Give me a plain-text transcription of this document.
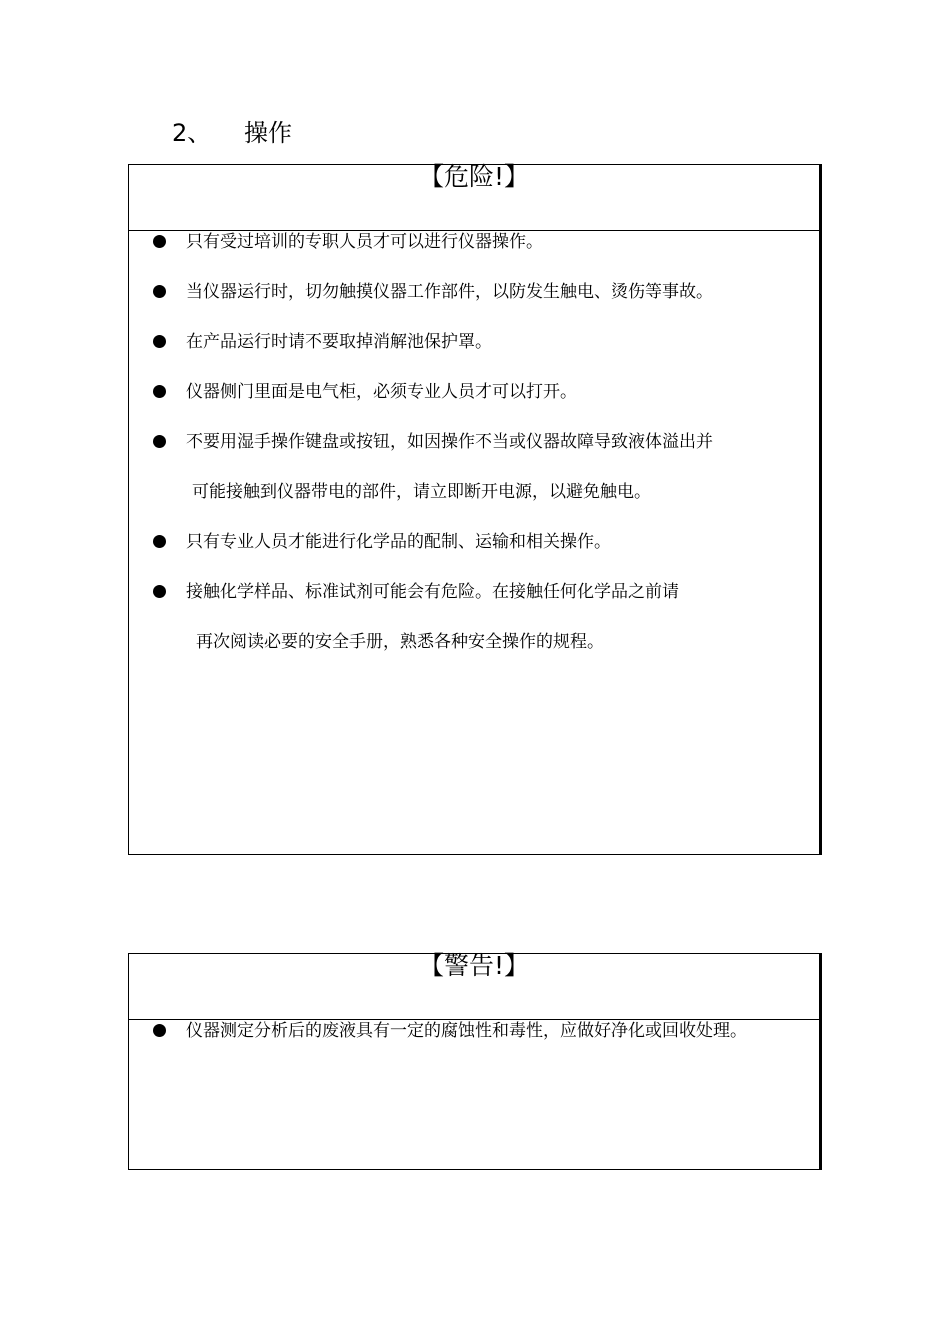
2、 操作
【危险!】
只有受过培训的专职人员才可以进行仪器操作。
当仪器运行时，切勿触摸仪器工作部件，以防发生触电、烫伤等事故。
在产品运行时请不要取掉消解池保护罩。
仪器侧门里面是电气柜，必须专业人员才可以打开。
不要用湿手操作键盘或按钮，如因操作不当或仪器故障导致液体溢出并
可能接触到仪器带电的部件，请立即断开电源，以避免触电。
只有专业人员才能进行化学品的配制、运输和相关操作。
接触化学样品、标准试剂可能会有危险。在接触任何化学品之前请
再次阅读必要的安全手册，熟悉各种安全操作的规程。
【警告!】
仪器测定分析后的废液具有一定的腐蚀性和毒性，应做好净化或回收处理。
